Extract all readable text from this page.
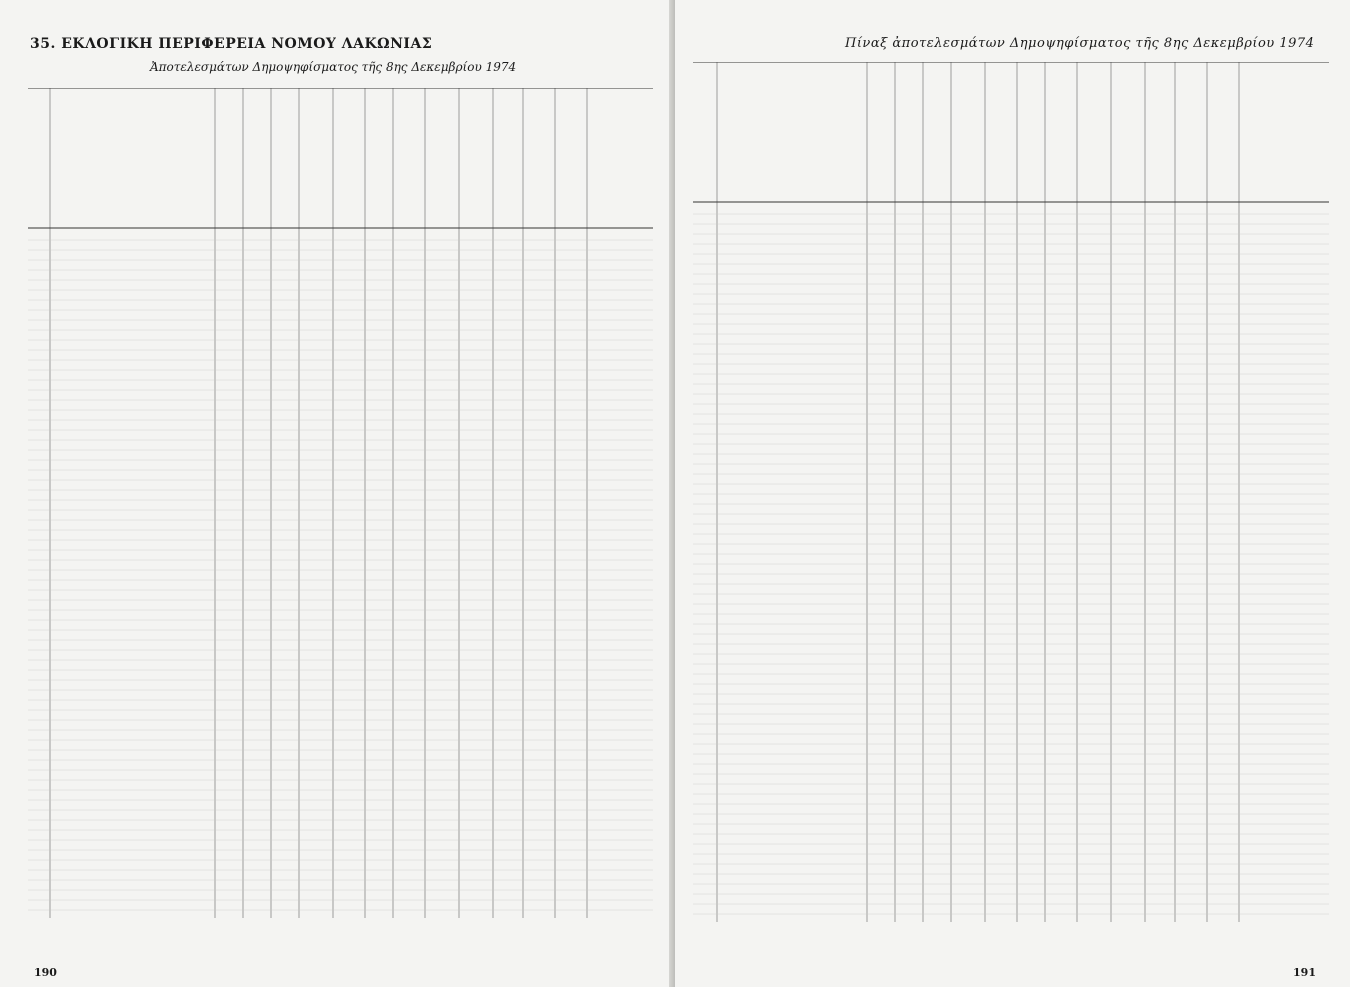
35. ΕΚΛΟΓΙΚΗ ΠΕΡΙΦΕΡΕΙΑ ΝΟΜΟΥ ΛΑΚΩΝΙΑΣ
Ἀποτελεσμάτων Δημοψηφίσματος τῆς 8ης Δεκεμβρίου 1974
190
Πίναξ ἀποτελεσμάτων Δημοψηφίσματος τῆς 8ης Δεκεμβρίου 1974
191
